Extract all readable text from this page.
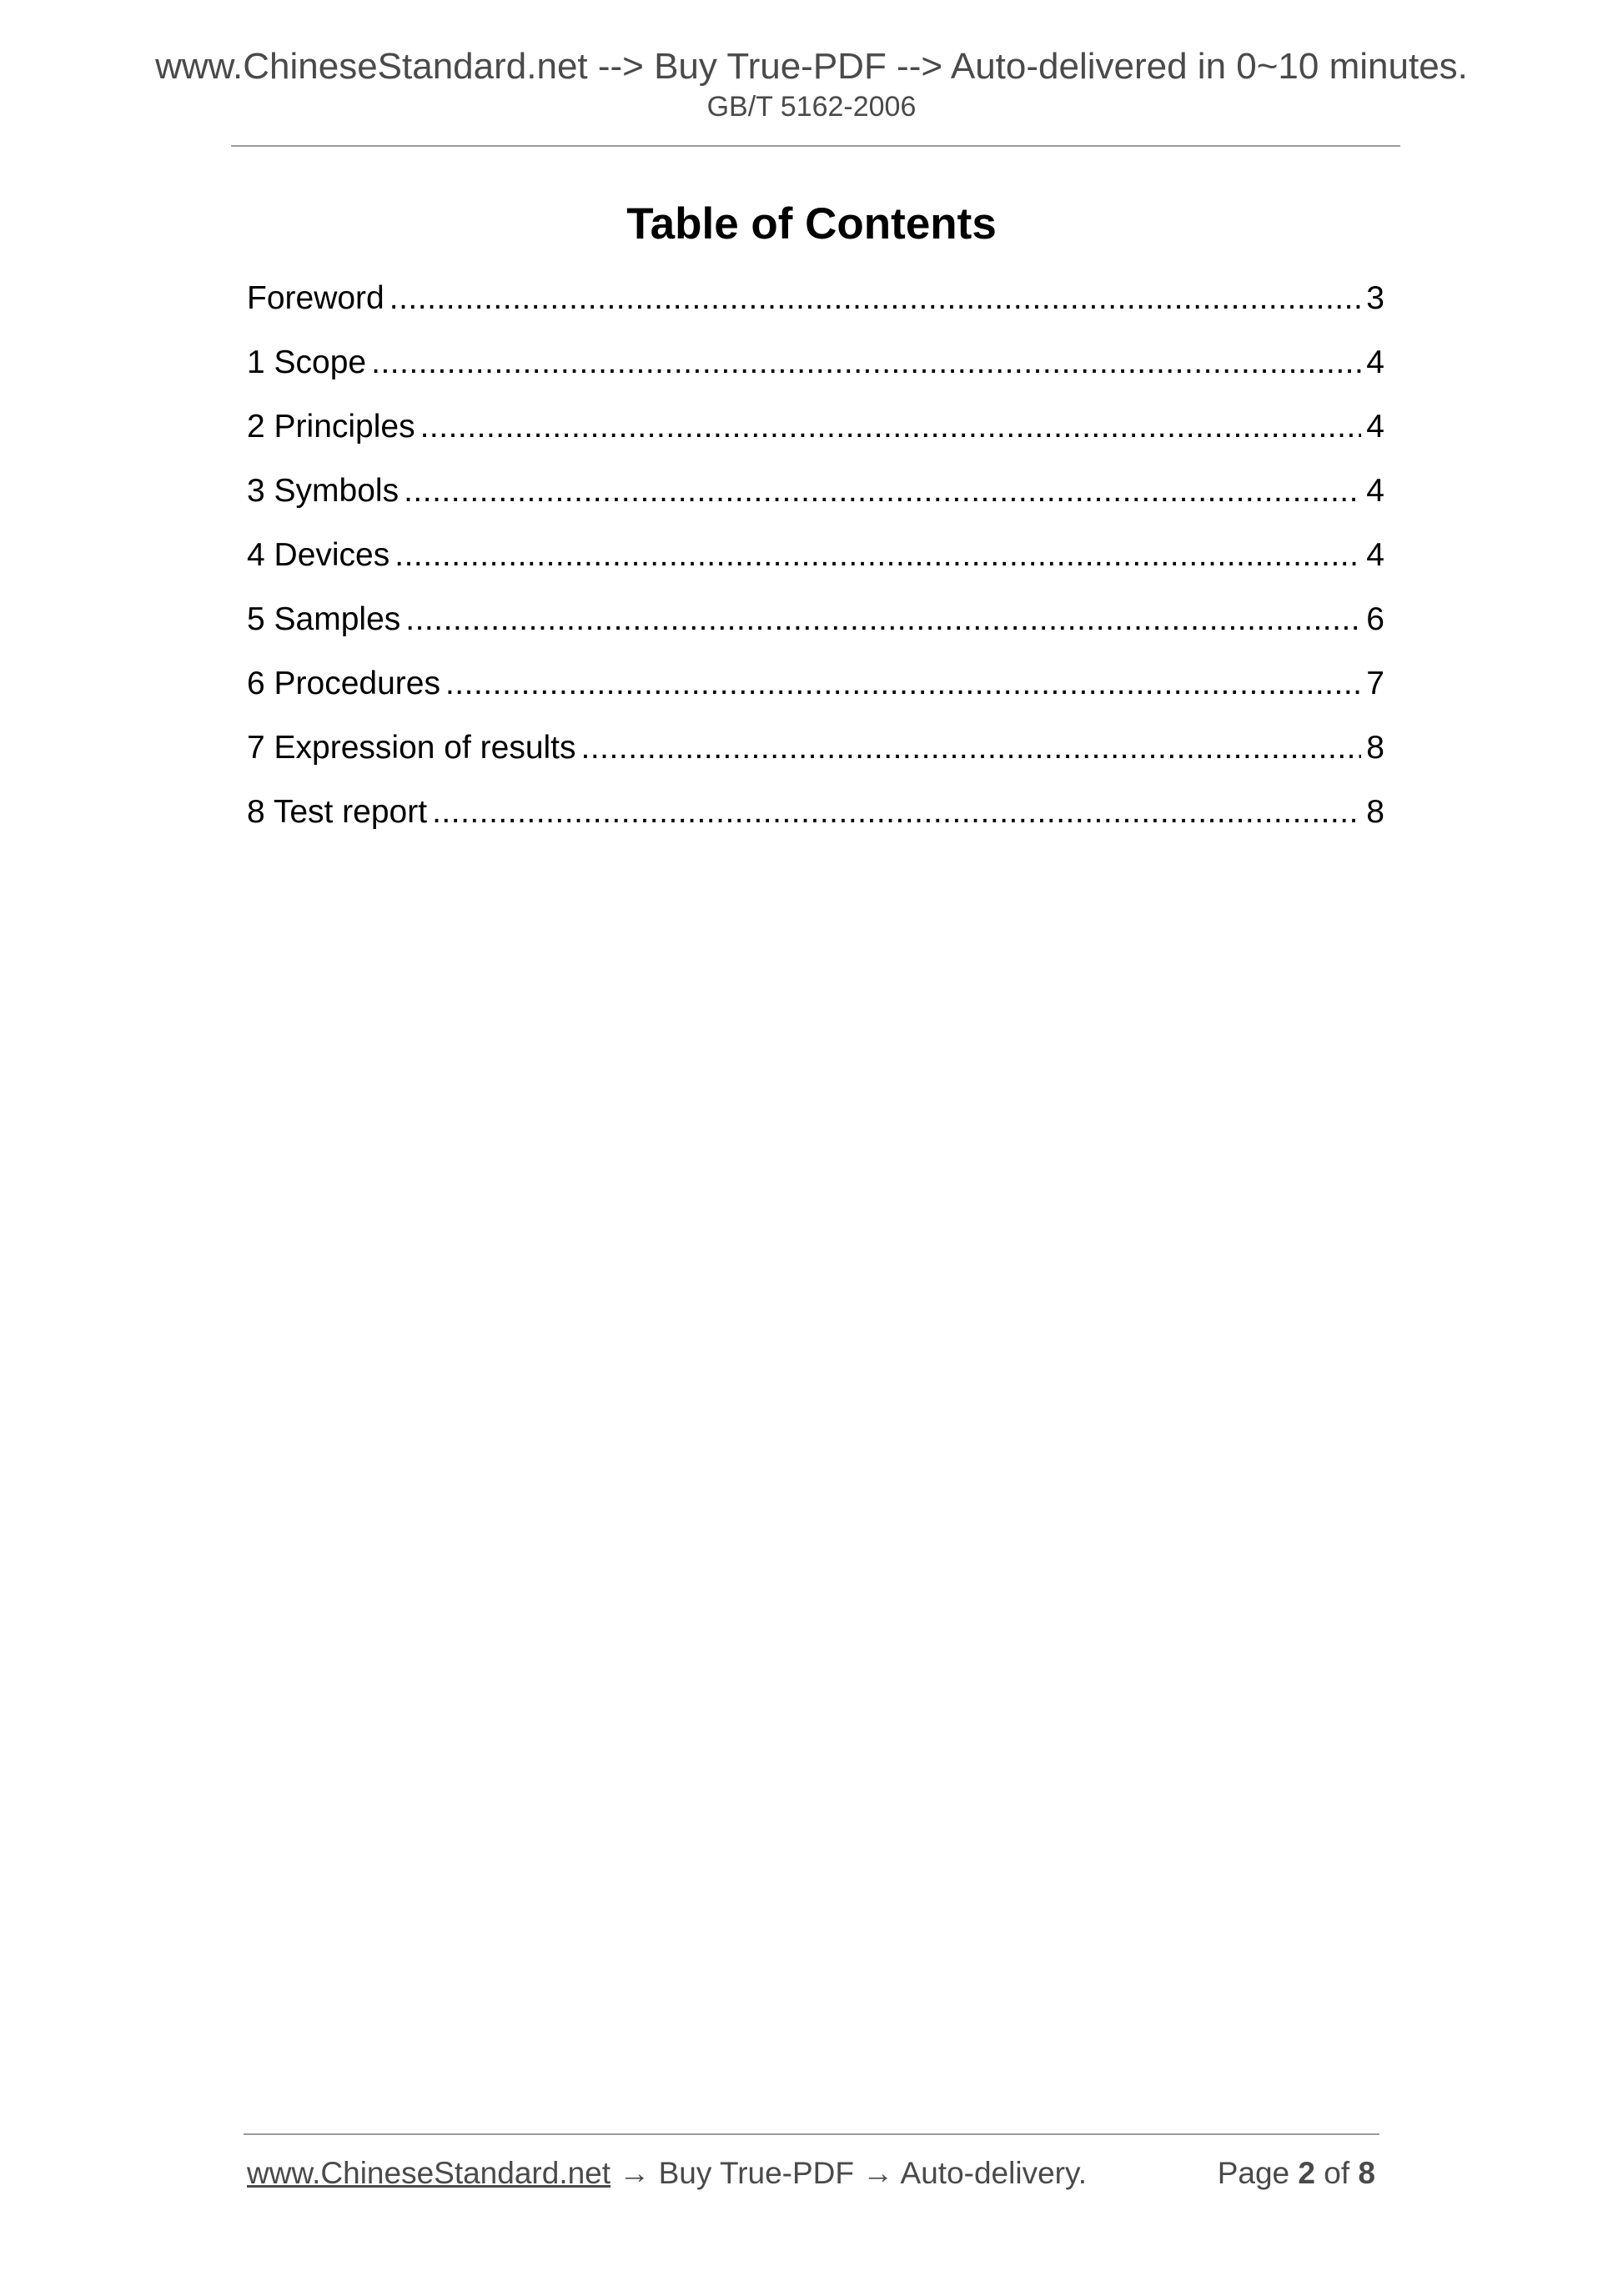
www.ChineseStandard.net --> Buy True-PDF --> Auto-delivered in 0~10 minutes.
GB/T 5162-2006
Table of Contents
Foreword .....	3
1 Scope .....	4
2 Principles .....	4
3 Symbols .....	4
4 Devices .....	4
5 Samples .....	6
6 Procedures .....	7
7 Expression of results .....	8
8 Test report .....	8
www.ChineseStandard.net → Buy True-PDF → Auto-delivery.	Page 2 of 8
